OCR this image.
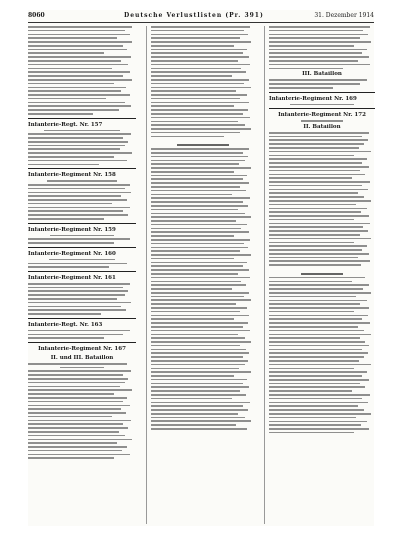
8060	Deutsche Verlustlisten (Pr. 391)	31. Dezember 1914
Infanterie-Regt. Nr. 157
Infanterie-Regiment Nr. 158
Infanterie-Regiment Nr. 159
Infanterie-Regiment Nr. 160
Infanterie-Regiment Nr. 161
Infanterie-Regt. Nr. 163
Infanterie-Regiment Nr. 167
II. und III. Bataillon
III. Bataillon
Infanterie-Regiment Nr. 169
Infanterie-Regiment Nr. 172
II. Bataillon
